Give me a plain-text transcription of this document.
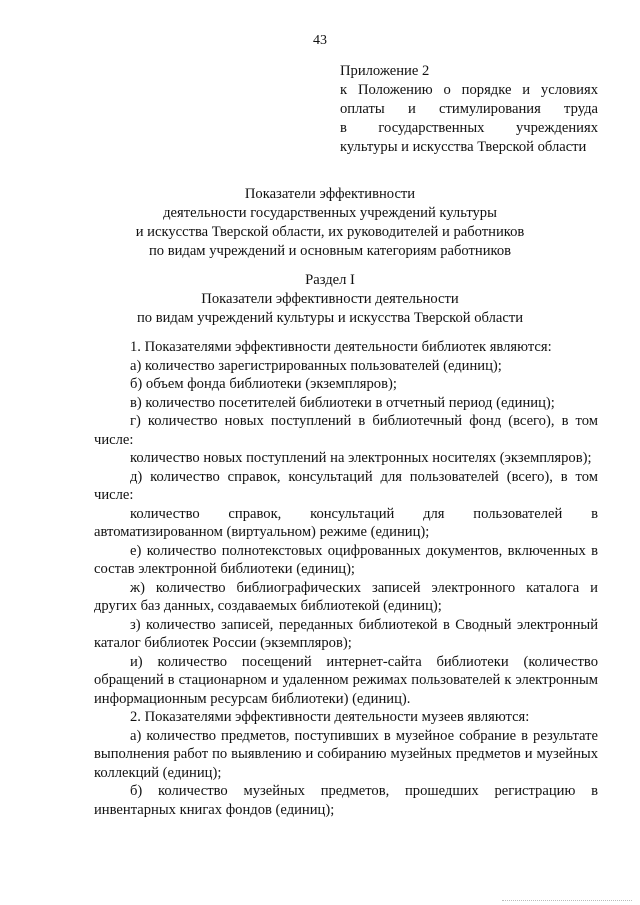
43
Приложение 2
к Положению о порядке и условиях
оплаты и стимулирования труда
в государственных учреждениях
культуры и искусства Тверской области
Показатели эффективности
деятельности государственных учреждений культуры
и искусства Тверской области, их руководителей и работников
по видам учреждений и основным категориям работников
Раздел I
Показатели эффективности деятельности
по видам учреждений культуры и искусства Тверской области

1. Показателями эффективности деятельности библиотек являются:

а) количество зарегистрированных пользователей (единиц);

б) объем фонда библиотеки (экземпляров);

в) количество посетителей библиотеки в отчетный период (единиц);

г) количество новых поступлений в библиотечный фонд (всего), в том числе:

количество новых поступлений на электронных носителях (экземпляров);

д) количество справок, консультаций для пользователей (всего), в том числе:

количество справок, консультаций для пользователей в автоматизированном (виртуальном) режиме (единиц);

е) количество полнотекстовых оцифрованных документов, включенных в состав электронной библиотеки (единиц);

ж) количество библиографических записей электронного каталога и других баз данных, создаваемых библиотекой (единиц);

з) количество записей, переданных библиотекой в Сводный электронный каталог библиотек России (экземпляров);

и) количество посещений интернет-сайта библиотеки (количество обращений в стационарном и удаленном режимах пользователей к электронным информационным ресурсам библиотеки) (единиц).

2. Показателями эффективности деятельности музеев являются:

а) количество предметов, поступивших в музейное собрание в результате выполнения работ по выявлению и собиранию музейных предметов и музейных коллекций (единиц);

б) количество музейных предметов, прошедших регистрацию в инвентарных книгах фондов (единиц);
